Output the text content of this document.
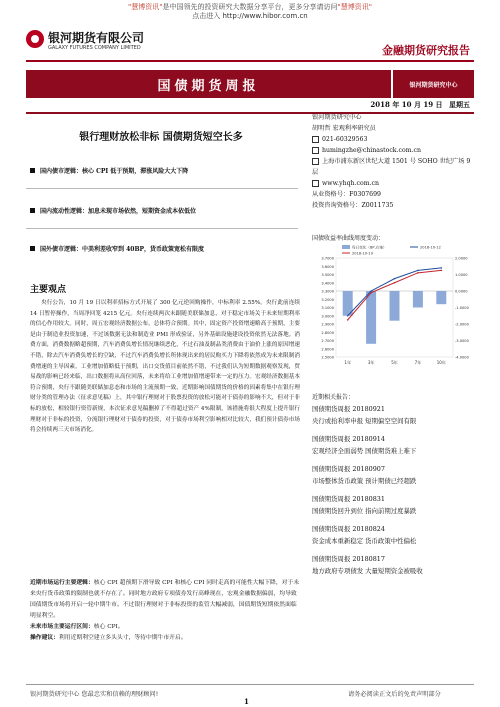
"慧博资讯"是中国领先的投资研究大数据分享平台，更多分享请访问"慧博资讯"
点击进入 http://www.hibor.com.cn
银河期货有限公司
GALAXY FUTURES COMPANY LIMITED	金融期货研究报告
国债期货周报	银河期货研究中心
2018 年 10 月 19 日 星期五
银行理财放松非标 国债期货短空长多
国内债市逻辑： 核心 CPI 低于预期，滞涨风险大大下降
国内流动性逻辑： 加息未现市场依然，短期资金成本依低位
国外债市逻辑： 中美利差收窄到 40BP，货币政策宽松有限度
银河期货研究中心
胡明哲 宏观利率研究员
021-60329563
humingzhe@chinastock.com.cn
上海市浦东新区世纪大道 1501 号 SOHO 世纪广场 9 层
www.yhqh.com.cn
从业资格号：F0307699
投资咨询资格号：Z0011735
国债收益率曲线周度变动：
3.7000
3.6000
3.5000
3.4000
3.3000
3.2000
3.1000
3.0000
2.9000
2.8000
2.7000
2.6000
2.5000
2.0000
1.0000
0.0000
-1.0000
-2.0000
-3.0000
-4.0000
1年	3年	5年	7年	10年
每日变化（BP,右轴）	2018-10-12
2018-10-19
主要观点
央行公告，10 月 19 日以利率招标方式开展了 300 亿元逆回购操作，中标利率 2.55%。央行此前连续 14 日暂停操作，当周净回笼 4215 亿元。央行连续两次未跟随美联储加息，对于稳定市场关于未来短期利率的信心作用较大。同时，周五宏观经济数据公布，总体符合预期。其中，固定资产投资增速略高于预期，主要是由于制造业投资加速，不过该数据无法和制造业 PMI 形成验证，另外基础设施建设投资依然无法落地。消费方面，消费数据略超预期，汽车消费负增长情况继续恶化，不过石油及制品类消费由于油价上涨的原因增速不错，除去汽车消费负增长的空缺，不过汽车消费负增长所体现出来的居民购买力下降将依然成为未来限制消费增速的主导因素。工业增加值略低于预期，出口交货值目前依然不错，不过我们认为短期数据观察发现，贸易战的影响已经来临，出口数据将从高位回落，未来将给工业增加值增速带来一定的压力。宏观经济数据基本符合预期，央行不跟随美联储加息态和市场的主流预期一致，近期影响国债期货的价格的因素将集中在银行理财分类的管理办法（征求意见稿）上，其中银行理财对于股票投资的放松可能对于债券的影响不大，但对于非标的放松，相较银行资管新规，本次征求意见稿删掉了不得超过资产 4%限制，该措施将很大程度上提升银行理财对于非标的投资，分流银行理财对于债券的投资，对于债券市场利空影响相对比较大，我们预计债券市场将会持续两三天市场消化。
近期市场运行主要逻辑：核心 CPI 超预期下滑导致 CPI 和核心 CPI 同时走高的可能性大幅下降，对于未来央行货币政策的限制也就不存在了。同时地方政府专项债券发行高峰现在，宏观金融数据偏弱，均导致国债期货市场将开启一轮中期牛市。不过银行理财对于非标投资的监管大幅减弱，国债期货短期依然面临明显利空。
未来市场主要运行区间：核心 CPI。
操作建议：利用近期利空建立多头头寸，等待中期牛市开启。
近期相关报告：
国债期货周报 20180921
央行或抬利率申报 短期偏空空间有限
国债期货周报 20180914
宏观经济全面弱势 国债期货难上难下
国债期货周报 20180907
市场整体货币政策 预计期债已经超跌
国债期货周报 20180831
国债期货回升到位 指向前期过度暴跌
国债期货周报 20180824
资金成本重新稳定 货币政策中性偏松
国债期货周报 20180817
地方政府专项债发 大量短期资金被吸收
银河期货研究中心 您最忠实和信赖的理财顾问!	请务必阅读正文后的免责声明部分
1
